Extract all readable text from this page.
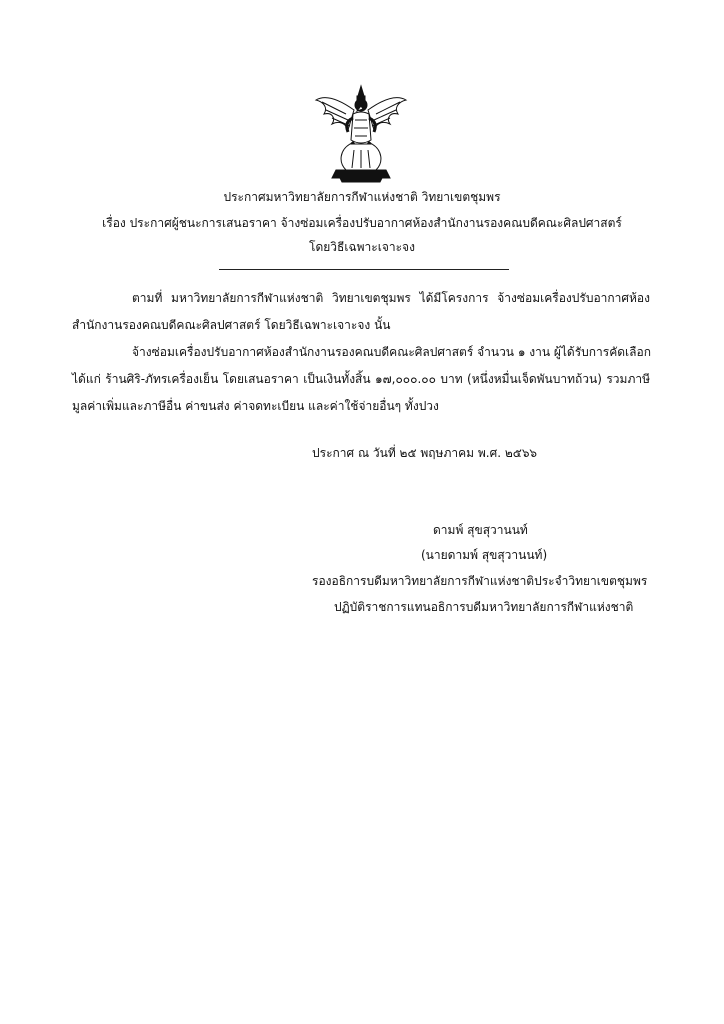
ประกาศมหาวิทยาลัยการกีฬาแห่งชาติ วิทยาเขตชุมพร
เรื่อง ประกาศผู้ชนะการเสนอราคา จ้างซ่อมเครื่องปรับอากาศห้องสำนักงานรองคณบดีคณะศิลปศาสตร์
โดยวิธีเฉพาะเจาะจง
ตามที่ มหาวิทยาลัยการกีฬาแห่งชาติ วิทยาเขตชุมพร ได้มีโครงการ จ้างซ่อมเครื่องปรับอากาศห้อง
สำนักงานรองคณบดีคณะศิลปศาสตร์ โดยวิธีเฉพาะเจาะจง นั้น
จ้างซ่อมเครื่องปรับอากาศห้องสำนักงานรองคณบดีคณะศิลปศาสตร์ จำนวน ๑ งาน ผู้ได้รับการคัดเลือก
ได้แก่ ร้านศิริ-ภัทรเครื่องเย็น โดยเสนอราคา เป็นเงินทั้งสิ้น ๑๗,๐๐๐.๐๐ บาท (หนึ่งหมื่นเจ็ดพันบาทถ้วน) รวมภาษี
มูลค่าเพิ่มและภาษีอื่น ค่าขนส่ง ค่าจดทะเบียน และค่าใช้จ่ายอื่นๆ ทั้งปวง
ประกาศ ณ วันที่ ๒๕ พฤษภาคม พ.ศ. ๒๕๖๖
ดามพ์ สุขสุวานนท์
(นายดามพ์ สุขสุวานนท์)
รองอธิการบดีมหาวิทยาลัยการกีฬาแห่งชาติประจำวิทยาเขตชุมพร
ปฏิบัติราชการแทนอธิการบดีมหาวิทยาลัยการกีฬาแห่งชาติ
